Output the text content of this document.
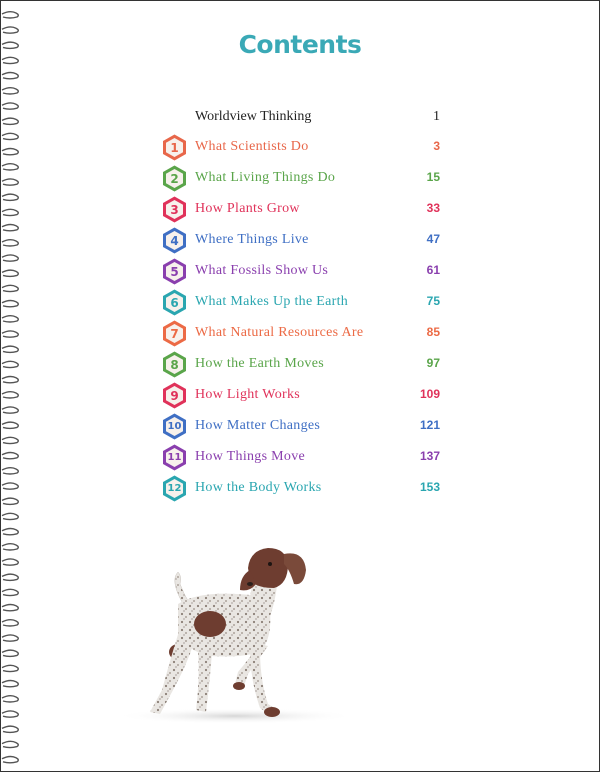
Contents
Worldview Thinking	1
1	What Scientists Do	3
2	What Living Things Do	15
3	How Plants Grow	33
4	Where Things Live	47
5	What Fossils Show Us	61
6	What Makes Up the Earth	75
7	What Natural Resources Are	85
8	How the Earth Moves	97
9	How Light Works	109
10 How Matter Changes	121
11 How Things Move	137
12 How the Body Works	153
